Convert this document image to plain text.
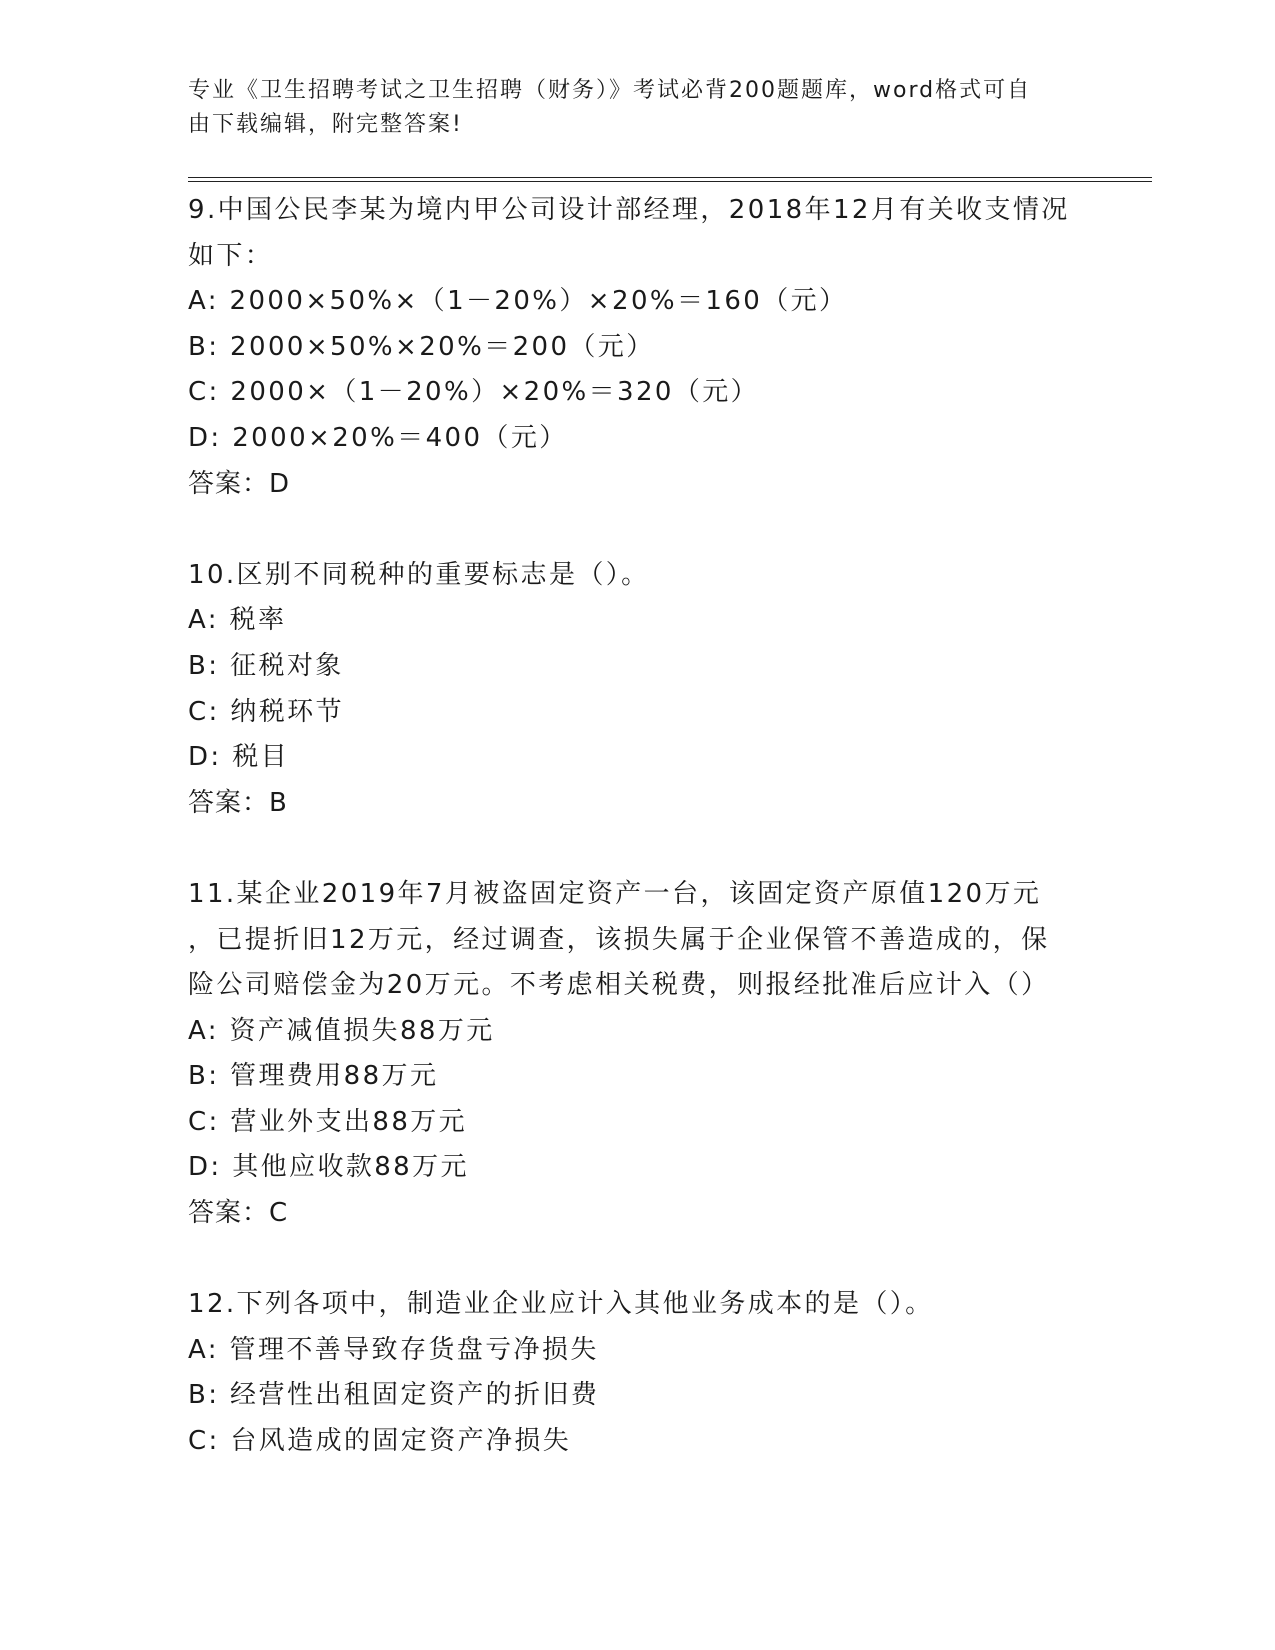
专业《卫生招聘考试之卫生招聘（财务）》考试必背200题题库，word格式可自
由下载编辑，附完整答案!
9.中国公民李某为境内甲公司设计部经理，2018年12月有关收支情况
如下：
A: 2000×50%×（1－20%）×20%＝160（元）
B: 2000×50%×20%＝200（元）
C: 2000×（1－20%）×20%＝320（元）
D: 2000×20%＝400（元）
答案：D
10.区别不同税种的重要标志是（）。
A: 税率
B: 征税对象
C: 纳税环节
D: 税目
答案：B
11.某企业2019年7月被盗固定资产一台，该固定资产原值120万元
，已提折旧12万元，经过调查，该损失属于企业保管不善造成的，保
险公司赔偿金为20万元。不考虑相关税费，则报经批准后应计入（）
A: 资产减值损失88万元
B: 管理费用88万元
C: 营业外支出88万元
D: 其他应收款88万元
答案：C
12.下列各项中，制造业企业应计入其他业务成本的是（）。
A: 管理不善导致存货盘亏净损失
B: 经营性出租固定资产的折旧费
C: 台风造成的固定资产净损失
